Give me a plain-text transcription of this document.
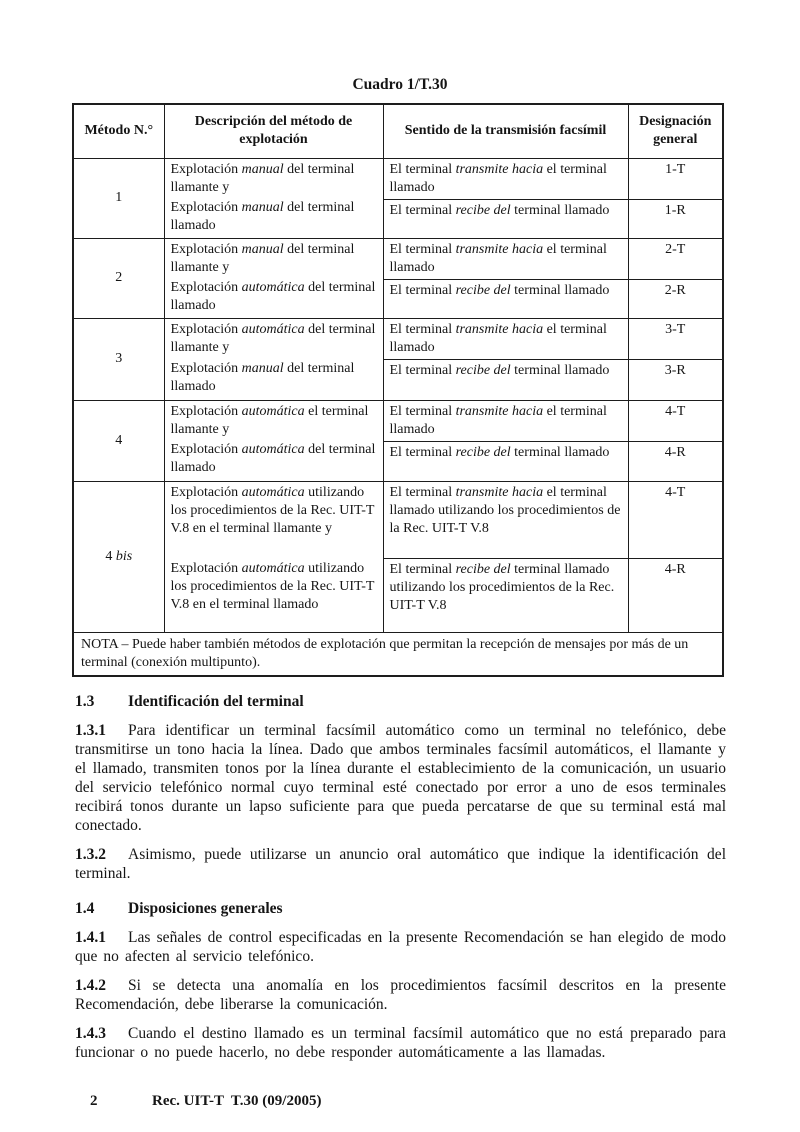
Cuadro 1/T.30
Método N.°	Descripción del método de explotación	Sentido de la transmisión facsímil	Designación general
1	Explotación manual del terminal llamante y
Explotación manual del terminal llamado	El terminal transmite hacia el terminal llamado	1-T
		El terminal recibe del terminal llamado	1-R
2	Explotación manual del terminal llamante y
Explotación automática del terminal llamado	El terminal transmite hacia el terminal llamado	2-T
		El terminal recibe del terminal llamado	2-R
3	Explotación automática del terminal llamante y
Explotación manual del terminal llamado	El terminal transmite hacia el terminal llamado	3-T
		El terminal recibe del terminal llamado	3-R
4	Explotación automática el terminal llamante y
Explotación automática del terminal llamado	El terminal transmite hacia el terminal llamado	4-T
		El terminal recibe del terminal llamado	4-R
4 bis	Explotación automática utilizando los procedimientos de la Rec. UIT-T V.8 en el terminal llamante y
Explotación automática utilizando los procedimientos de la Rec. UIT-T V.8 en el terminal llamado	El terminal transmite hacia el terminal llamado utilizando los procedimientos de la Rec. UIT-T V.8	4-T
		El terminal recibe del terminal llamado utilizando los procedimientos de la Rec. UIT-T V.8	4-R
NOTA – Puede haber también métodos de explotación que permitan la recepción de mensajes por más de un terminal (conexión multipunto).			
1.3 Identificación del terminal

1.3.1 Para identificar un terminal facsímil automático como un terminal no telefónico, debe transmitirse un tono hacia la línea. Dado que ambos terminales facsímil automáticos, el llamante y el llamado, transmiten tonos por la línea durante el establecimiento de la comunicación, un usuario del servicio telefónico normal cuyo terminal esté conectado por error a uno de esos terminales recibirá tonos durante un lapso suficiente para que pueda percatarse de que su terminal está mal conectado.

1.3.2 Asimismo, puede utilizarse un anuncio oral automático que indique la identificación del terminal.

1.4 Disposiciones generales

1.4.1 Las señales de control especificadas en la presente Recomendación se han elegido de modo que no afecten al servicio telefónico.

1.4.2 Si se detecta una anomalía en los procedimientos facsímil descritos en la presente Recomendación, debe liberarse la comunicación.

1.4.3 Cuando el destino llamado es un terminal facsímil automático que no está preparado para funcionar o no puede hacerlo, no debe responder automáticamente a las llamadas.

2	Rec. UIT-T  T.30 (09/2005)
